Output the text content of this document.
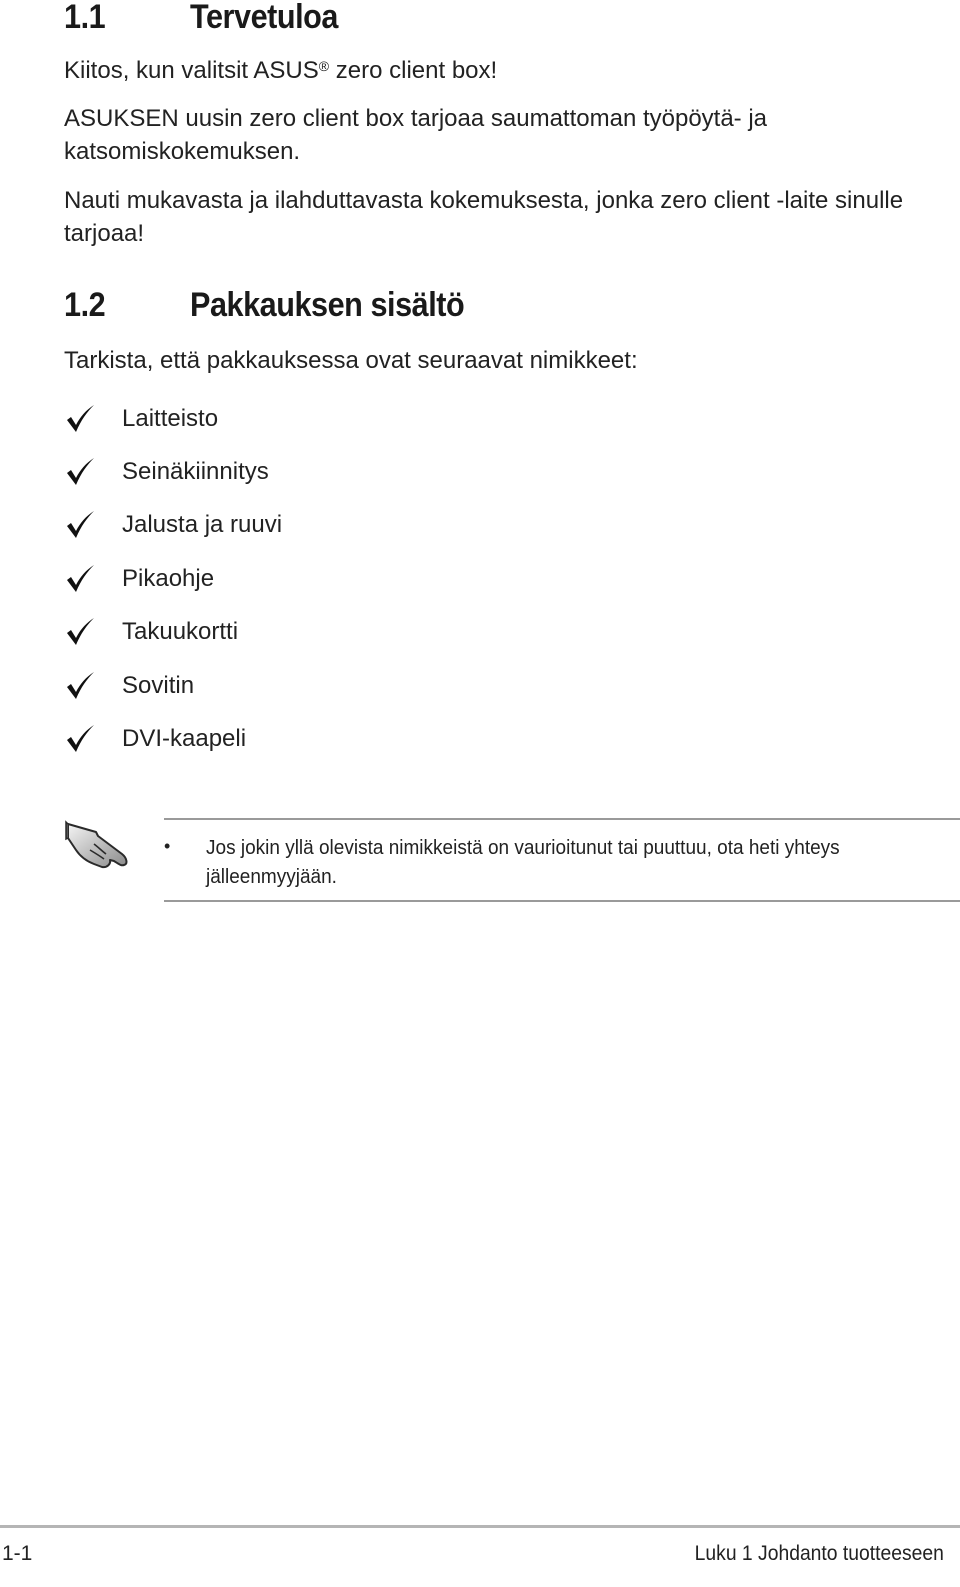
1.1 Tervetuloa

Kiitos, kun valitsit ASUS® zero client box!

ASUKSEN uusin zero client box tarjoaa saumattoman työpöytä- ja katsomiskokemuksen.

Nauti mukavasta ja ilahduttavasta kokemuksesta, jonka zero client -laite sinulle tarjoaa!

1.2 Pakkauksen sisältö

Tarkista, että pakkauksessa ovat seuraavat nimikkeet:

Laitteisto
Seinäkiinnitys
Jalusta ja ruuvi
Pikaohje
Takuukortti
Sovitin
DVI-kaapeli
• Jos jokin yllä olevista nimikkeistä on vaurioitunut tai puuttuu, ota heti yhteys jälleenmyyjään.

1-1	Luku 1 Johdanto tuotteeseen
